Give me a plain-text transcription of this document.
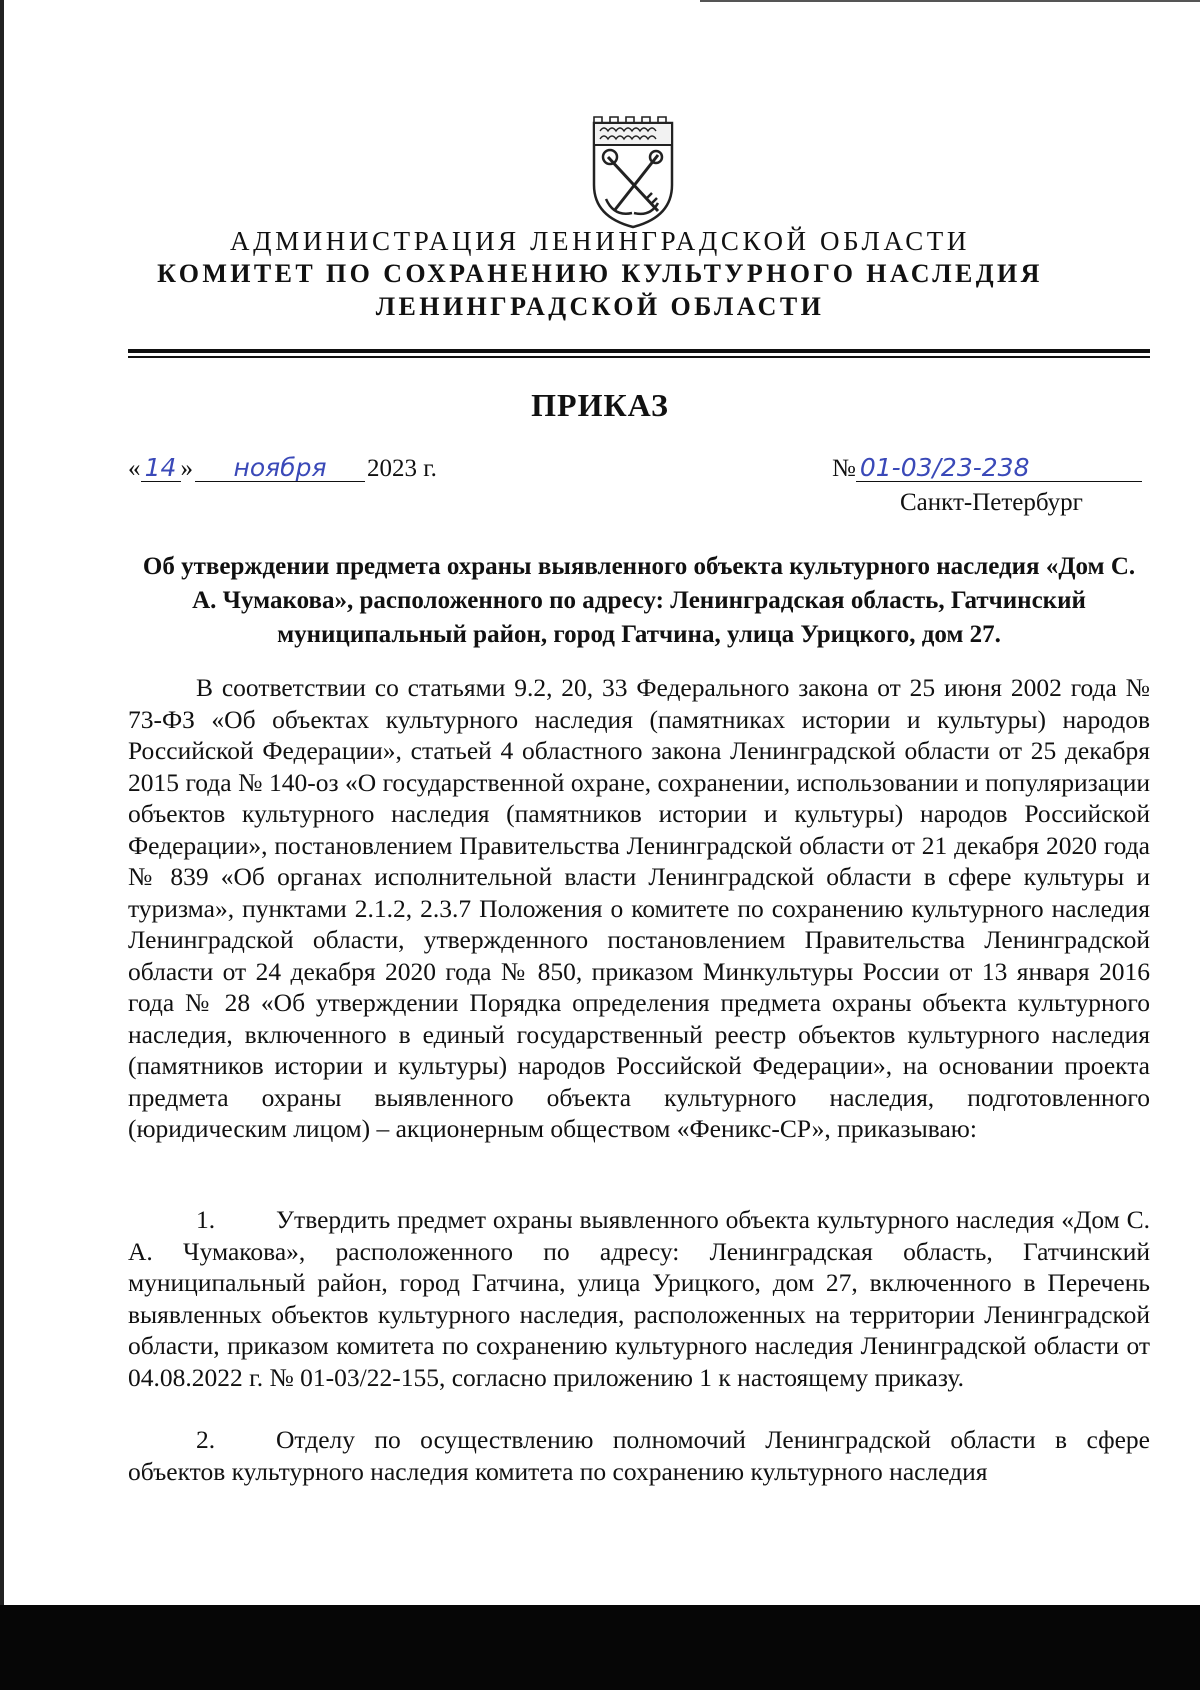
АДМИНИСТРАЦИЯ ЛЕНИНГРАДСКОЙ ОБЛАСТИ
КОМИТЕТ ПО СОХРАНЕНИЮ КУЛЬТУРНОГО НАСЛЕДИЯ
ЛЕНИНГРАДСКОЙ ОБЛАСТИ
ПРИКАЗ
« 14 » ноября 2023 г.	№ 01-03/23-238
Санкт-Петербург
Об утверждении предмета охраны выявленного объекта культурного наследия «Дом С. А. Чумакова», расположенного по адресу: Ленинградская область, Гатчинский муниципальный район, город Гатчина, улица Урицкого, дом 27.

В соответствии со статьями 9.2, 20, 33 Федерального закона от 25 июня 2002 года № 73-ФЗ «Об объектах культурного наследия (памятниках истории и культуры) народов Российской Федерации», статьей 4 областного закона Ленинградской области от 25 декабря 2015 года № 140-оз «О государственной охране, сохранении, использовании и популяризации объектов культурного наследия (памятников истории и культуры) народов Российской Федерации», постановлением Правительства Ленинградской области от 21 декабря 2020 года № 839 «Об органах исполнительной власти Ленинградской области в сфере культуры и туризма», пунктами 2.1.2, 2.3.7 Положения о комитете по сохранению культурного наследия Ленинградской области, утвержденного постановлением Правительства Ленинградской области от 24 декабря 2020 года № 850, приказом Минкультуры России от 13 января 2016 года № 28 «Об утверждении Порядка определения предмета охраны объекта культурного наследия, включенного в единый государственный реестр объектов культурного наследия (памятников истории и культуры) народов Российской Федерации», на основании проекта предмета охраны выявленного объекта культурного наследия, подготовленного (юридическим лицом) – акционерным обществом «Феникс-СР», приказываю:

1. Утвердить предмет охраны выявленного объекта культурного наследия «Дом С. А. Чумакова», расположенного по адресу: Ленинградская область, Гатчинский муниципальный район, город Гатчина, улица Урицкого, дом 27, включенного в Перечень выявленных объектов культурного наследия, расположенных на территории Ленинградской области, приказом комитета по сохранению культурного наследия Ленинградской области от 04.08.2022 г. № 01-03/22-155, согласно приложению 1 к настоящему приказу.

2. Отделу по осуществлению полномочий Ленинградской области в сфере объектов культурного наследия комитета по сохранению культурного наследия
